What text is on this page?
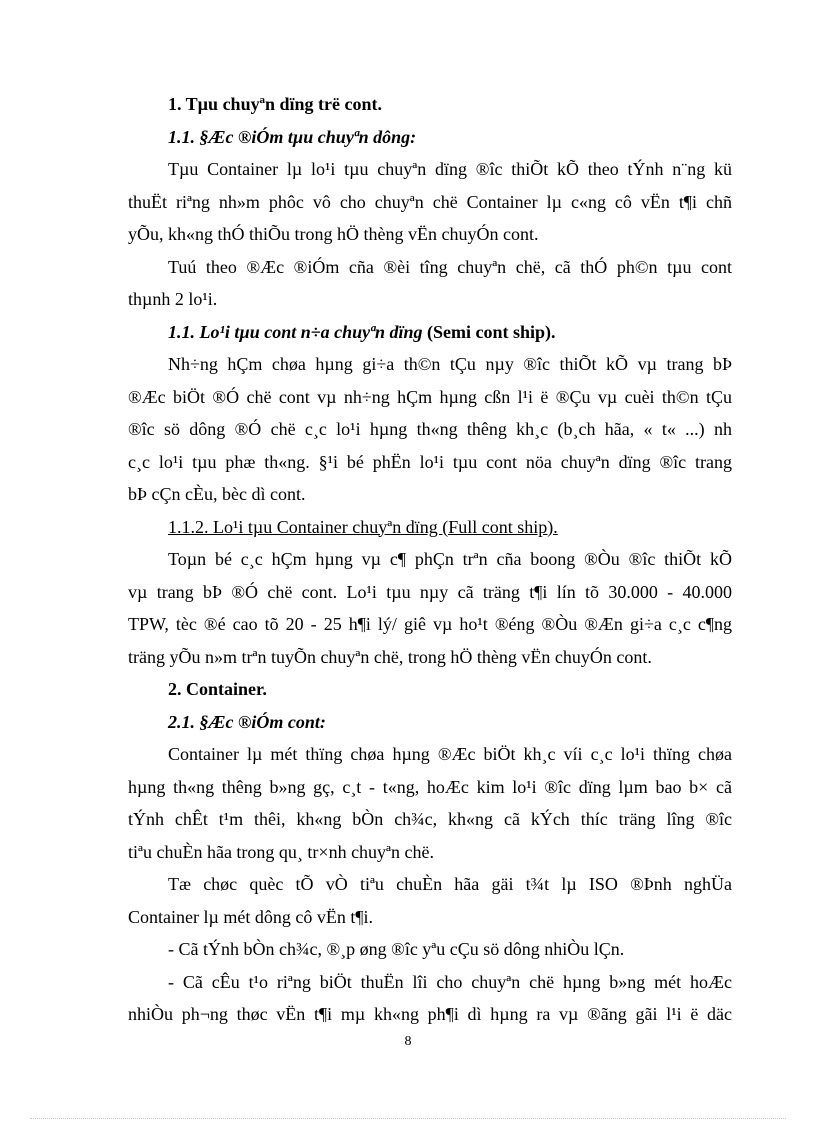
1. Tµu chuyªn dïng trë cont.

1.1. §Æc ®iÓm tµu chuyªn dông:

Tµu Container lµ lo¹i tµu chuyªn dïng ®îc thiÕt kÕ theo tÝnh n¨ng kü

thuËt riªng nh»m phôc vô cho chuyªn chë Container lµ c«ng cô vËn t¶i chñ

yÕu, kh«ng thÓ thiÕu trong hÖ thèng vËn chuyÓn cont.

Tuú theo ®Æc ®iÓm cña ®èi tîng chuyªn chë, cã thÓ ph©n tµu cont

thµnh 2 lo¹i.

1.1. Lo¹i tµu cont n÷a chuyªn dïng (Semi cont ship).

Nh÷ng hÇm chøa hµng gi÷a th©n tÇu nµy ®îc thiÕt kÕ vµ trang bÞ

®Æc biÖt ®Ó chë cont vµ nh÷ng hÇm hµng cßn l¹i ë ®Çu vµ cuèi th©n tÇu

®îc sö dông ®Ó chë c¸c lo¹i hµng th«ng thêng kh¸c (b¸ch hãa, « t« ...) nh

c¸c lo¹i tµu phæ th«ng. §¹i bé phËn lo¹i tµu cont nöa chuyªn dïng ®îc trang

bÞ cÇn cÈu, bèc dì cont.

1.1.2. Lo¹i tµu Container chuyªn dïng (Full cont ship).

Toµn bé c¸c hÇm hµng vµ c¶ phÇn trªn cña boong ®Òu ®îc thiÕt kÕ

vµ trang bÞ ®Ó chë cont. Lo¹i tµu nµy cã träng t¶i lín tõ 30.000 - 40.000

TPW, tèc ®é cao tõ 20 - 25 h¶i lý/ giê vµ ho¹t ®éng ®Òu ®Æn gi÷a c¸c c¶ng

träng yÕu n»m trªn tuyÕn chuyªn chë, trong hÖ thèng vËn chuyÓn cont.

2. Container.

2.1. §Æc ®iÓm cont:

Container lµ mét thïng chøa hµng ®Æc biÖt kh¸c víi c¸c lo¹i thïng chøa

hµng th«ng thêng b»ng gç, c¸t - t«ng, hoÆc kim lo¹i ®îc dïng lµm bao b× cã

tÝnh chÊt t¹m thêi, kh«ng bÒn ch¾c, kh«ng cã kÝch thíc träng lîng ®îc

tiªu chuÈn hãa trong qu¸ tr×nh chuyªn chë.

Tæ chøc quèc tÕ vÒ tiªu chuÈn hãa gäi t¾t lµ ISO ®Þnh nghÜa

Container lµ mét dông cô vËn t¶i.

- Cã tÝnh bÒn ch¾c, ®¸p øng ®îc yªu cÇu sö dông nhiÒu lÇn.

- Cã cÊu t¹o riªng biÖt thuËn lîi cho chuyªn chë hµng b»ng mét hoÆc

nhiÒu ph¬ng thøc vËn t¶i mµ kh«ng ph¶i dì hµng ra vµ ®ãng gãi l¹i ë däc

8
